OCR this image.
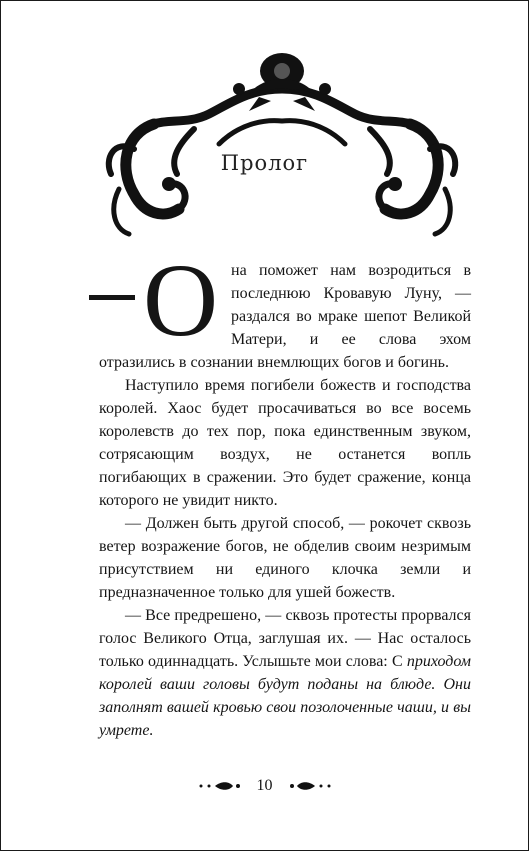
Пролог
О на поможет нам возродиться в последнюю Кровавую Луну, — раздался во мраке шепот Великой Матери, и ее слова эхом отразились в сознании внемлющих богов и богинь.

Наступило время погибели божеств и господства королей. Хаос будет просачиваться во все восемь королевств до тех пор, пока единственным звуком, сотрясающим воздух, не останется вопль погибающих в сражении. Это будет сражение, конца которого не увидит никто.

— Должен быть другой способ, — рокочет сквозь ветер возражение богов, не обделив своим незримым присутствием ни единого клочка земли и предназначенное только для ушей божеств.

— Все предрешено, — сквозь протесты прорвался голос Великого Отца, заглушая их. — Нас осталось только одиннадцать. Услышьте мои слова: С приходом королей ваши головы будут поданы на блюде. Они заполнят вашей кровью свои позолоченные чаши, и вы умрете.

10
